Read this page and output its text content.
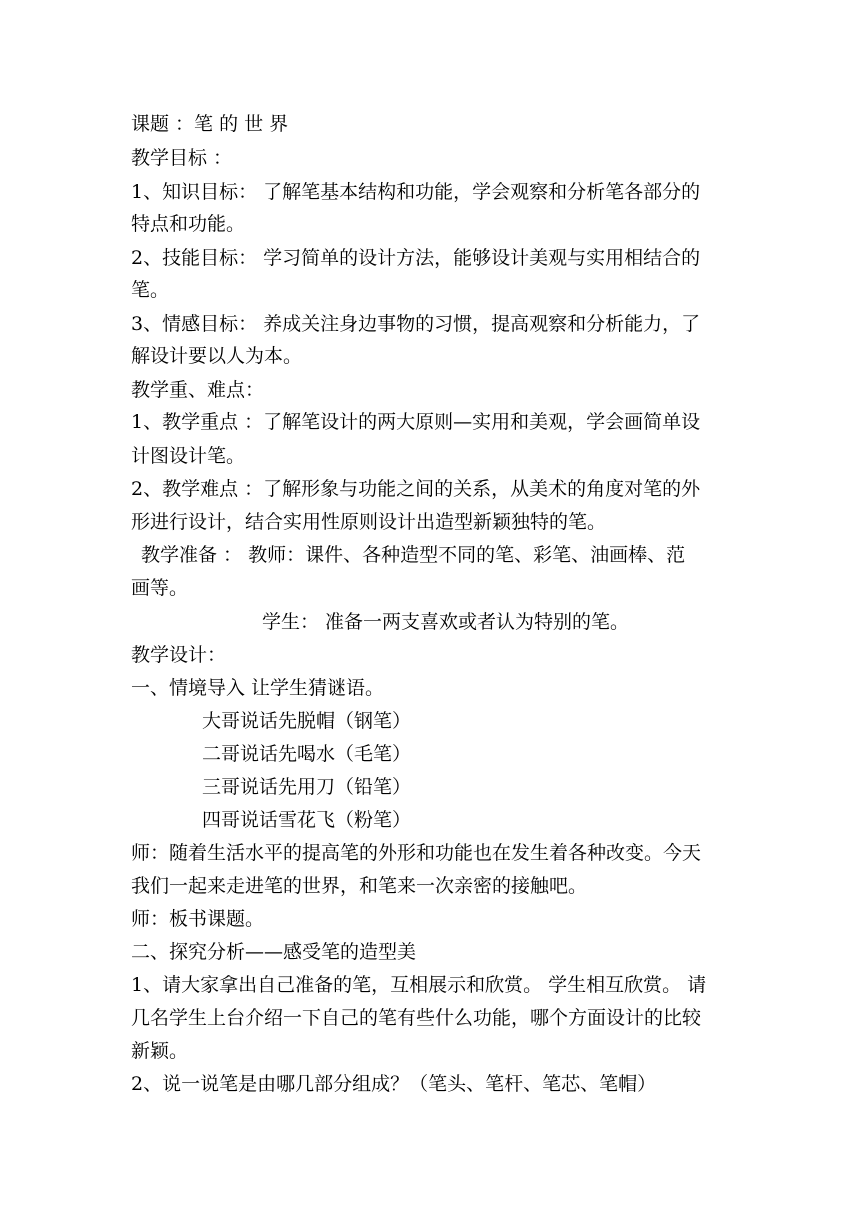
课题 ：笔 的 世 界
教学目标 ：
1、知识目标： 了解笔基本结构和功能，学会观察和分析笔各部分的
特点和功能。
2、技能目标： 学习简单的设计方法，能够设计美观与实用相结合的
笔。
3、情感目标： 养成关注身边事物的习惯，提高观察和分析能力，了
解设计要以人为本。
教学重、难点：
1、教学重点 ：了解笔设计的两大原则—实用和美观，学会画简单设
计图设计笔。
2、教学难点 ：了解形象与功能之间的关系，从美术的角度对笔的外
形进行设计，结合实用性原则设计出造型新颖独特的笔。
教学准备 ： 教师：课件、各种造型不同的笔、彩笔、油画棒、范
画等。
学生： 准备一两支喜欢或者认为特别的笔。
教学设计：
一、情境导入 让学生猜谜语。
大哥说话先脱帽（钢笔）
二哥说话先喝水（毛笔）
三哥说话先用刀（铅笔）
四哥说话雪花飞（粉笔）
师：随着生活水平的提高笔的外形和功能也在发生着各种改变。今天
我们一起来走进笔的世界，和笔来一次亲密的接触吧。
师：板书课题。
二、探究分析——感受笔的造型美
1、请大家拿出自己准备的笔，互相展示和欣赏。 学生相互欣赏。 请
几名学生上台介绍一下自己的笔有些什么功能，哪个方面设计的比较
新颖。
2、说一说笔是由哪几部分组成？（笔头、笔杆、笔芯、笔帽）
